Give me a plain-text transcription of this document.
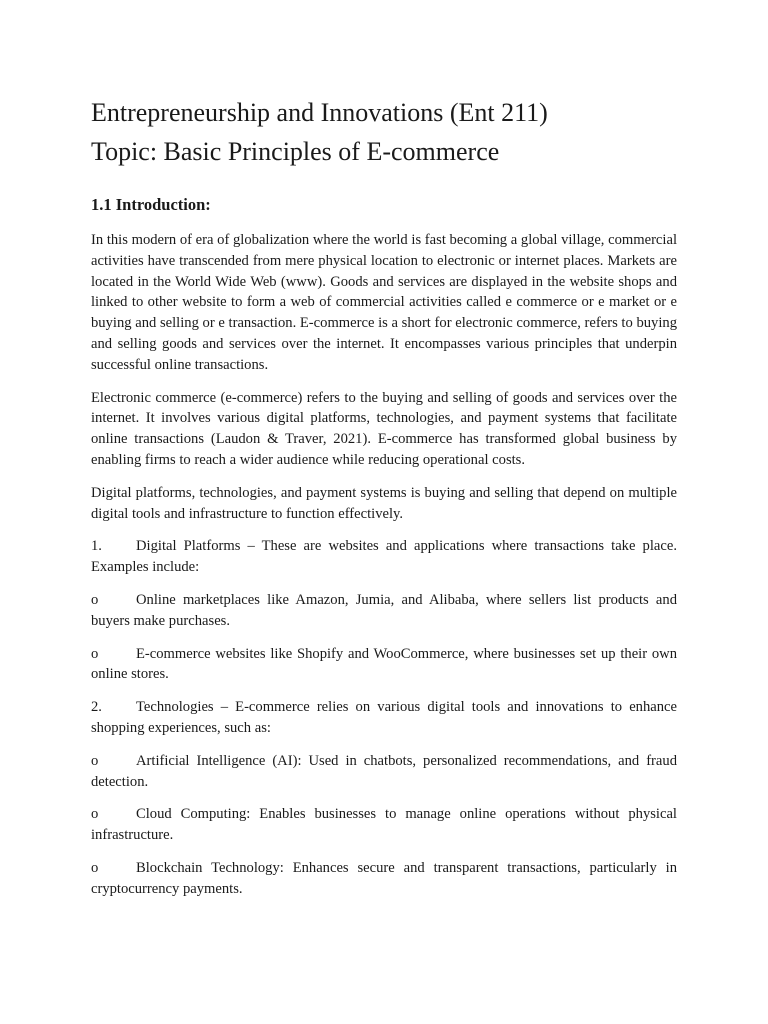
Entrepreneurship and Innovations (Ent 211)
Topic: Basic Principles of E-commerce
1.1 Introduction:

In this modern of era of globalization where the world is fast becoming a global village, commercial activities have transcended from mere physical location to electronic or internet places. Markets are located in the World Wide Web (www). Goods and services are displayed in the website shops and linked to other website to form a web of commercial activities called e commerce or e market or e buying and selling or e transaction. E-commerce is a short for electronic commerce, refers to buying and selling goods and services over the internet. It encompasses various principles that underpin successful online transactions.

Electronic commerce (e-commerce) refers to the buying and selling of goods and services over the internet. It involves various digital platforms, technologies, and payment systems that facilitate online transactions (Laudon & Traver, 2021). E-commerce has transformed global business by enabling firms to reach a wider audience while reducing operational costs.

Digital platforms, technologies, and payment systems is buying and selling that depend on multiple digital tools and infrastructure to function effectively.

1. Digital Platforms – These are websites and applications where transactions take place. Examples include:

o	Online marketplaces like Amazon, Jumia, and Alibaba, where sellers list products and buyers make purchases.

o	E-commerce websites like Shopify and WooCommerce, where businesses set up their own online stores.

2. Technologies – E-commerce relies on various digital tools and innovations to enhance shopping experiences, such as:

o	Artificial Intelligence (AI): Used in chatbots, personalized recommendations, and fraud detection.

o	Cloud Computing: Enables businesses to manage online operations without physical infrastructure.

o	Blockchain Technology: Enhances secure and transparent transactions, particularly in cryptocurrency payments.
